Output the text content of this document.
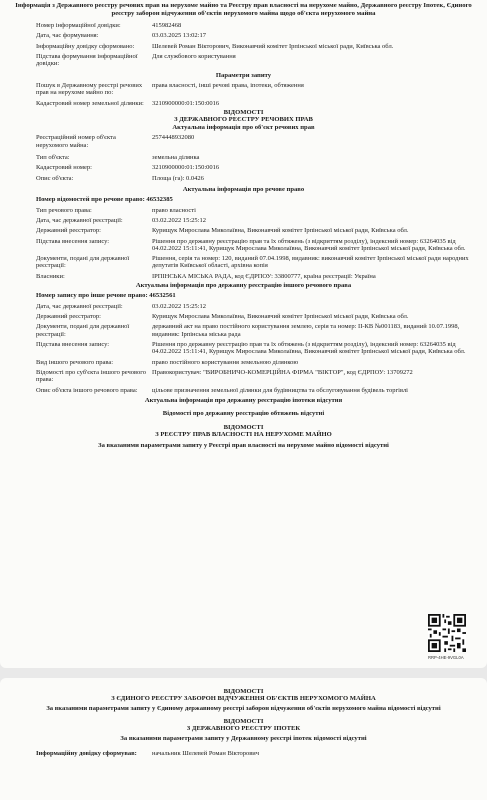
Інформація з Державного реєстру речових прав на нерухоме майно та Реєстру прав власності на нерухоме майно, Державного реєстру Іпотек, Єдиного реєстру заборон відчуження об'єктів нерухомого майна щодо об'єкта нерухомого майна
Номер інформаційної довідки:	415982468
Дата, час формування:	03.03.2025 13:02:17
Інформаційну довідку сформовано:	Шелевей Роман Вікторович, Виконавчий комітет Ірпінської міської ради, Київська обл.
Підстава формування інформаційної довідки:
Для службового користування
Параметри запиту
Пошук в Державному реєстрі речових прав на нерухоме майно по:
права власності, інші речові права, іпотеки, обтяження
Кадастровий номер земельної ділянки:	3210900000:01:150:0016
ВІДОМОСТІ
З ДЕРЖАВНОГО РЕЄСТРУ РЕЧОВИХ ПРАВ
Актуальна інформація про об'єкт речових прав
Реєстраційний номер об'єкта нерухомого майна:
2574448932080
Тип об'єкта:	земельна ділянка
Кадастровий номер:	3210900000:01:150:0016
Опис об'єкта:	Площа (га): 0.0426
Актуальна інформація про речове право
Номер відомостей про речове право: 46532385
Тип речового права:	право власності
Дата, час державної реєстрації:	03.02.2022 15:25:12
Державний реєстратор:	Курищук Мирослава Миколаївна, Виконавчий комітет Ірпінської міської ради, Київська обл.
Підстава внесення запису:	Рішення про державну реєстрацію прав та їх обтяжень (з відкриттям розділу), індексний номер: 63264035 від 04.02.2022 15:11:41, Курищук Мирослава Миколаївна, Виконавчий комітет Ірпінської міської ради, Київська обл.
Документи, подані для державної реєстрації:
Рішення, серія та номер: 120, виданий 07.04.1998, видавник: виконавчий комітет Ірпінської міської ради народних депутатів Київської області, архівна копія
Власники:	ІРПІНСЬКА МІСЬКА РАДА, код ЄДРПОУ: 33800777, країна реєстрації: Україна
Актуальна інформація про державну реєстрацію іншого речового права
Номер запису про інше речове право: 46532561
Дата, час державної реєстрації:	03.02.2022 15:25:12
Державний реєстратор:	Курищук Мирослава Миколаївна, Виконавчий комітет Ірпінської міської ради, Київська обл.
Документи, подані для державної реєстрації:
державний акт на право постійного користування землею, серія та номер: ІІ-КВ №001183, виданий 10.07.1998, видавник: Ірпінська міська рада
Підстава внесення запису:	Рішення про державну реєстрацію прав та їх обтяжень (з відкриттям розділу), індексний номер: 63264035 від 04.02.2022 15:11:41, Курищук Мирослава Миколаївна, Виконавчий комітет Ірпінської міської ради, Київська обл.
Вид іншого речового права:	право постійного користування земельною ділянкою
Відомості про суб'єкта іншого речового права:
Правокористувач: "ВИРОБНИЧО-КОМЕРЦІЙНА ФІРМА "ВІКТОР", код ЄДРПОУ: 13709272
Опис об'єкта іншого речового права:	цільове призначення земельної ділянки для будівництва та обслуговування будівель торгівлі
Актуальна інформація про державну реєстрацію іпотеки відсутня
Відомості про державну реєстрацію обтяжень відсутні
ВІДОМОСТІ
З РЕЄСТРУ ПРАВ ВЛАСНОСТІ НА НЕРУХОМЕ МАЙНО
За вказаними параметрами запиту у Реєстрі прав власності на нерухоме майно відомості відсутні
RRP-4HE-9VGL0A
ВІДОМОСТІ
З ЄДИНОГО РЕЄСТРУ ЗАБОРОН ВІДЧУЖЕННЯ ОБ'ЄКТІВ НЕРУХОМОГО МАЙНА
За вказаними параметрами запиту у Єдиному державному реєстрі заборон відчуження об'єктів нерухомого майна відомості відсутні
ВІДОМОСТІ
З ДЕРЖАВНОГО РЕЄСТРУ ІПОТЕК
За вказаними параметрами запиту у Державному реєстрі іпотек відомості відсутні
Інформаційну довідку сформував:	начальник Шелевей Роман Вікторович
